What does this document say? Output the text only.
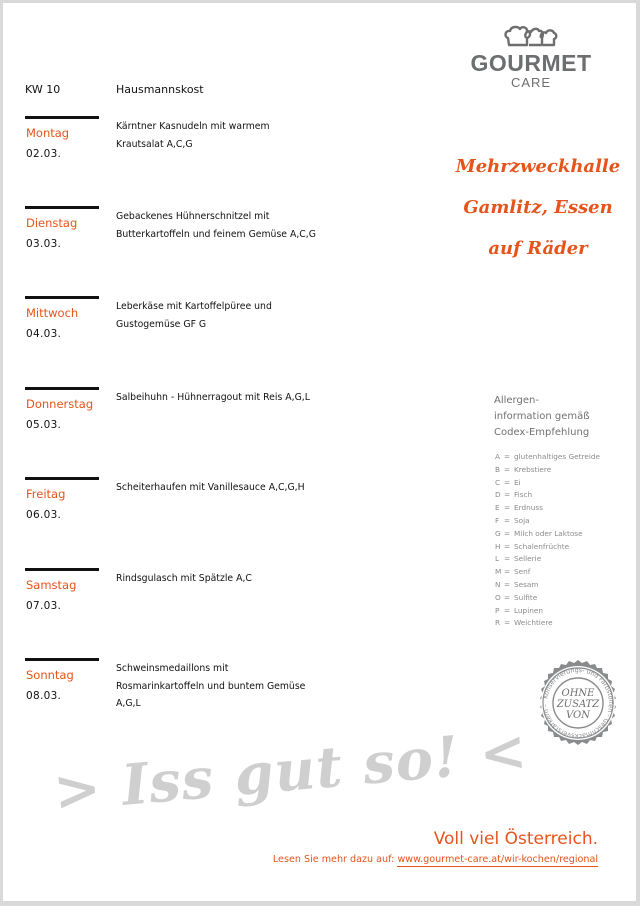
KW 10	Hausmannskost
GOURMET
CARE
Mehrzweckhalle
Gamlitz, Essen
auf Räder
Montag
02.03.
Kärntner Kasnudeln mit warmem Krautsalat A,C,G
Dienstag
03.03.
Gebackenes Hühnerschnitzel mit Butterkartoffeln und feinem Gemüse A,C,G
Mittwoch
04.03.
Leberkäse mit Kartoffelpüree und Gustogemüse GF G
Donnerstag
05.03.
Salbeihuhn - Hühnerragout mit Reis A,G,L
Freitag
06.03.
Scheiterhaufen mit Vanillesauce A,C,G,H
Samstag
07.03.
Rindsgulasch mit Spätzle A,C
Sonntag
08.03.
Schweinsmedaillons mit Rosmarinkartoffeln und buntem Gemüse A,G,L
Allergen-
information gemäß
Codex-Empfehlung
A = glutenhaltiges Getreide
B = Krebstiere
C = Ei
D = Fisch
E = Erdnuss
F = Soja
G = Milch oder Laktose
H = Schalenfrüchte
L = Sellerie
M = Senf
N = Sesam
O = Sulfite
P = Lupinen
R = Weichtiere
Konservierungs- und Farbstoffen - Geschmacksverstärkern -
OHNE
ZUSATZ
VON
> Iss gut so! <
Voll viel Österreich.
Lesen Sie mehr dazu auf: www.gourmet-care.at/wir-kochen/regional
